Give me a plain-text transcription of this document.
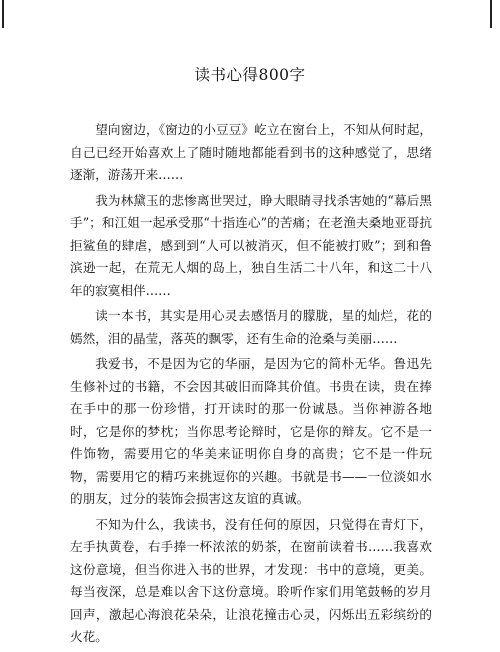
读书心得800字

望向窗边，《窗边的小豆豆》屹立在窗台上，不知从何时起，自己已经开始喜欢上了随时随地都能看到书的这种感觉了，思绪逐渐，游荡开来……

我为林黛玉的悲惨离世哭过，睁大眼睛寻找杀害她的“幕后黑手”；和江姐一起承受那“十指连心”的苦痛；在老渔夫桑地亚哥抗拒鲨鱼的肆虐，感到到“人可以被消灭，但不能被打败”；到和鲁滨逊一起，在荒无人烟的岛上，独自生活二十八年，和这二十八年的寂寞相伴……

读一本书，其实是用心灵去感悟月的朦胧，星的灿烂，花的嫣然，泪的晶莹，落英的飘零，还有生命的沧桑与美丽……

我爱书，不是因为它的华丽，是因为它的简朴无华。鲁迅先生修补过的书籍，不会因其破旧而降其价值。书贵在读，贵在捧在手中的那一份珍惜，打开读时的那一份诚恳。当你神游各地时，它是你的梦枕；当你思考论辩时，它是你的辩友。它不是一件饰物，需要用它的华美来证明你自身的高贵；它不是一件玩物，需要用它的精巧来挑逗你的兴趣。书就是书——一位淡如水的朋友，过分的装饰会损害这友谊的真诚。

不知为什么，我读书，没有任何的原因，只觉得在青灯下，左手执黄卷，右手捧一杯浓浓的奶茶，在窗前读着书……我喜欢这份意境，但当你进入书的世界，才发现：书中的意境，更美。每当夜深，总是难以舍下这份意境。聆听作家们用笔鼓畅的岁月回声，激起心海浪花朵朵，让浪花撞击心灵，闪烁出五彩缤纷的火花。
